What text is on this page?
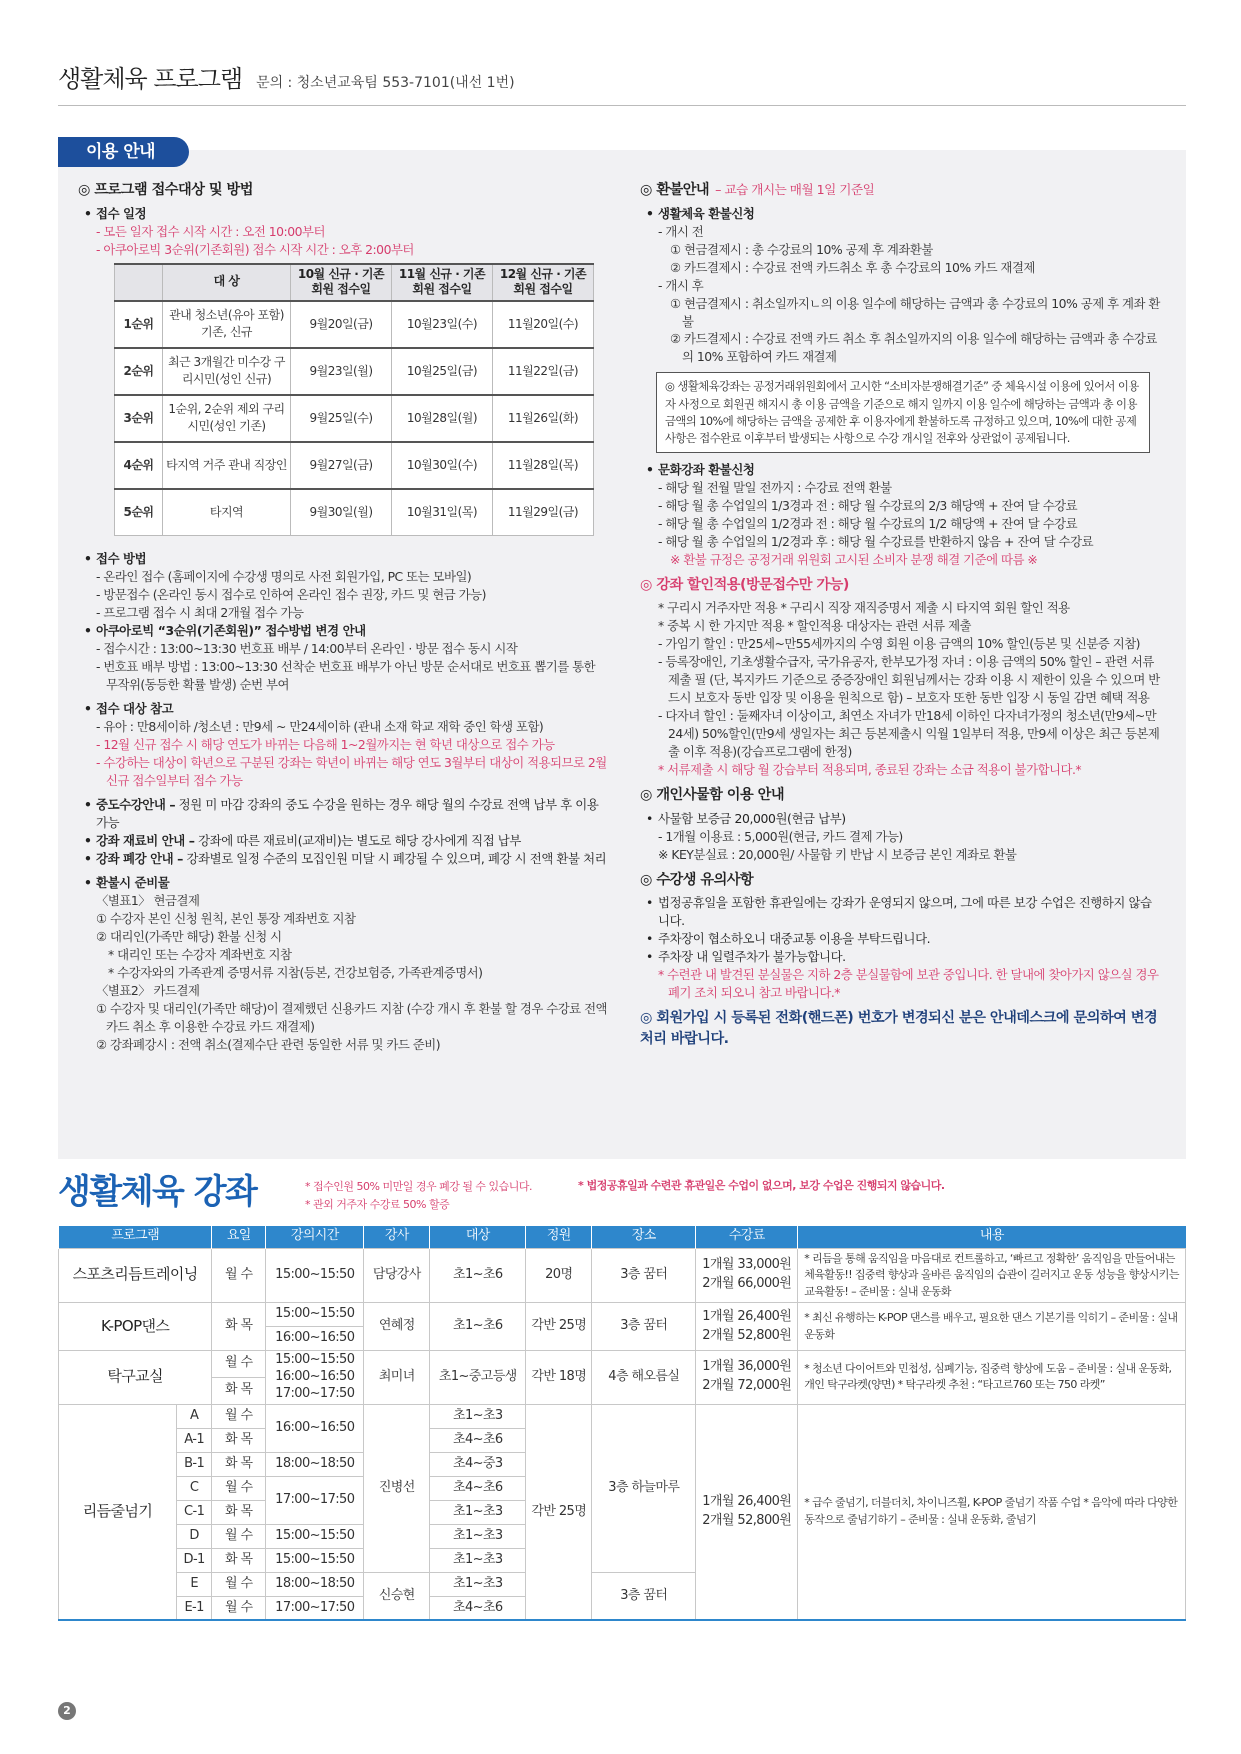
생활체육 프로그램 문의 : 청소년교육팀 553-7101(내선 1번)
이용 안내
◎ 프로그램 접수대상 및 방법
• 접수 일정
- 모든 일자 접수 시작 시간 : 오전 10:00부터
- 아쿠아로빅 3순위(기존회원) 접수 시작 시간 : 오후 2:00부터
	대 상	10월 신규 · 기존 회원 접수일	11월 신규 · 기존 회원 접수일	12월 신규 · 기존 회원 접수일
1순위	관내 청소년(유아 포함) 기존, 신규	9월20일(금)	10월23일(수)	11월20일(수)
2순위	최근 3개월간 미수강 구리시민(성인 신규)	9월23일(월)	10월25일(금)	11월22일(금)
3순위	1순위, 2순위 제외 구리시민(성인 기존)	9월25일(수)	10월28일(월)	11월26일(화)
4순위	타지역 거주 관내 직장인	9월27일(금)	10월30일(수)	11월28일(목)
5순위	타지역	9월30일(월)	10월31일(목)	11월29일(금)
• 접수 방법
- 온라인 접수 (홈페이지에 수강생 명의로 사전 회원가입, PC 또는 모바일)
- 방문접수 (온라인 동시 접수로 인하여 온라인 접수 권장, 카드 및 현금 가능)
- 프로그램 접수 시 최대 2개월 접수 가능
• 아쿠아로빅 “3순위(기존회원)” 접수방법 변경 안내
- 접수시간 : 13:00~13:30 번호표 배부 / 14:00부터 온라인 · 방문 접수 동시 시작
- 번호표 배부 방법 : 13:00~13:30 선착순 번호표 배부가 아닌 방문 순서대로 번호표 뽑기를 통한 무작위(동등한 확률 발생) 순번 부여
• 접수 대상 참고
- 유아 : 만8세이하 /청소년 : 만9세 ~ 만24세이하 (관내 소재 학교 재학 중인 학생 포함)
- 12월 신규 접수 시 해당 연도가 바뀌는 다음해 1~2월까지는 현 학년 대상으로 접수 가능
- 수강하는 대상이 학년으로 구분된 강좌는 학년이 바뀌는 해당 연도 3월부터 대상이 적용되므로 2월 신규 접수일부터 접수 가능
• 중도수강안내 – 정원 미 마감 강좌의 중도 수강을 원하는 경우 해당 월의 수강료 전액 납부 후 이용 가능
• 강좌 재료비 안내 – 강좌에 따른 재료비(교재비)는 별도로 해당 강사에게 직접 납부
• 강좌 폐강 안내 – 강좌별로 일정 수준의 모집인원 미달 시 폐강될 수 있으며, 폐강 시 전액 환불 처리
• 환불시 준비물
〈별표1〉 현금결제
① 수강자 본인 신청 원칙, 본인 통장 계좌번호 지참
② 대리인(가족만 해당) 환불 신청 시
* 대리인 또는 수강자 계좌번호 지참
* 수강자와의 가족관계 증명서류 지참(등본, 건강보험증, 가족관계증명서)
〈별표2〉 카드결제
① 수강자 및 대리인(가족만 해당)이 결제했던 신용카드 지참 (수강 개시 후 환불 할 경우 수강료 전액 카드 취소 후 이용한 수강료 카드 재결제)
② 강좌폐강시 : 전액 취소(결제수단 관련 동일한 서류 및 카드 준비)
◎ 환불안내 – 교습 개시는 매월 1일 기준일
• 생활체육 환불신청
- 개시 전
① 현금결제시 : 총 수강료의 10% 공제 후 계좌환불
② 카드결제시 : 수강료 전액 카드취소 후 총 수강료의 10% 카드 재결제
- 개시 후
① 현금결제시 : 취소일까지ㄴ의 이용 일수에 해당하는 금액과 총 수강료의 10% 공제 후 계좌 환불
② 카드결제시 : 수강료 전액 카드 취소 후 취소일까지의 이용 일수에 해당하는 금액과 총 수강료의 10% 포함하여 카드 재결제
◎ 생활체육강좌는 공정거래위원회에서 고시한 “소비자분쟁해결기준” 중 체육시설 이용에 있어서 이용자 사정으로 회원권 해지시 총 이용 금액을 기준으로 해지 일까지 이용 일수에 해당하는 금액과 총 이용금액의 10%에 해당하는 금액을 공제한 후 이용자에게 환불하도록 규정하고 있으며, 10%에 대한 공제 사항은 접수완료 이후부터 발생되는 사항으로 수강 개시일 전후와 상관없이 공제됩니다.
• 문화강좌 환불신청
- 해당 월 전월 말일 전까지 : 수강료 전액 환불
- 해당 월 총 수업일의 1/3경과 전 : 해당 월 수강료의 2/3 해당액 + 잔여 달 수강료
- 해당 월 총 수업일의 1/2경과 전 : 해당 월 수강료의 1/2 해당액 + 잔여 달 수강료
- 해당 월 총 수업일의 1/2경과 후 : 해당 월 수강료를 반환하지 않음 + 잔여 달 수강료
※ 환불 규정은 공정거래 위원회 고시된 소비자 분쟁 해결 기준에 따름 ※
◎ 강좌 할인적용(방문접수만 가능)
* 구리시 거주자만 적용 * 구리시 직장 재직증명서 제출 시 타지역 회원 할인 적용
* 중복 시 한 가지만 적용 * 할인적용 대상자는 관련 서류 제출
- 가임기 할인 : 만25세~만55세까지의 수영 회원 이용 금액의 10% 할인(등본 및 신분증 지참)
- 등록장애인, 기초생활수급자, 국가유공자, 한부모가정 자녀 : 이용 금액의 50% 할인 – 관련 서류제출 필 (단, 복지카드 기준으로 중증장애인 회원님께서는 강좌 이용 시 제한이 있을 수 있으며 반드시 보호자 동반 입장 및 이용을 원칙으로 함) – 보호자 또한 동반 입장 시 동일 감면 혜택 적용
- 다자녀 할인 : 둘째자녀 이상이고, 최연소 자녀가 만18세 이하인 다자녀가정의 청소년(만9세~만24세) 50%할인(만9세 생일자는 최근 등본제출시 익월 1일부터 적용, 만9세 이상은 최근 등본제출 이후 적용)(강습프로그램에 한정)
* 서류제출 시 해당 월 강습부터 적용되며, 종료된 강좌는 소급 적용이 불가합니다.*
◎ 개인사물함 이용 안내
• 사물함 보증금 20,000원(현금 납부)
- 1개월 이용료 : 5,000원(현금, 카드 결제 가능)
※ KEY분실료 : 20,000원/ 사물함 키 반납 시 보증금 본인 계좌로 환불
◎ 수강생 유의사항
• 법정공휴일을 포함한 휴관일에는 강좌가 운영되지 않으며, 그에 따른 보강 수업은 진행하지 않습니다.
• 주차장이 협소하오니 대중교통 이용을 부탁드립니다.
• 주차장 내 일렬주차가 불가능합니다.
* 수련관 내 발견된 분실물은 지하 2층 분실물함에 보관 중입니다. 한 달내에 찾아가지 않으실 경우 폐기 조치 되오니 참고 바랍니다.*
◎ 회원가입 시 등록된 전화(핸드폰) 번호가 변경되신 분은 안내데스크에 문의하여 변경 처리 바랍니다.
생활체육 강좌	* 접수인원 50% 미만일 경우 폐강 될 수 있습니다.
* 관외 거주자 수강료 50% 할증
* 법정공휴일과 수련관 휴관일은 수업이 없으며, 보강 수업은 진행되지 않습니다.
프로그램		요일	강의시간	강사	대상	정원	장소	수강료	내용
스포츠리듬트레이닝		월 수	15:00~15:50	담당강사	초1~초6	20명	3층 꿈터	1개월 33,000원 2개월 66,000원	* 리듬을 통해 움직임을 마음대로 컨트롤하고, ‘빠르고 정확한’ 움직임을 만들어내는 체육활동!! 집중력 향상과 올바른 움직임의 습관이 길러지고 운동 성능을 향상시키는 교육활동! – 준비물 : 실내 운동화
K-POP댄스		화 목	15:00~15:50	연혜정	초1~초6	각반 25명	3층 꿈터	1개월 26,400원 2개월 52,800원	* 최신 유행하는 K-POP 댄스를 배우고, 필요한 댄스 기본기를 익히기 – 준비물 : 실내 운동화
			16:00~16:50						
탁구교실		월 수	15:00~15:50 16:00~16:50 17:00~17:50	최미녀	초1~중고등생	각반 18명	4층 해오름실	1개월 36,000원 2개월 72,000원	* 청소년 다이어트와 민첩성, 심폐기능, 집중력 향상에 도움 – 준비물 : 실내 운동화, 개인 탁구라켓(양면) * 탁구라켓 추천 : “타고르760 또는 750 라켓”
		화 목							
리듬줄넘기	A	월 수	16:00~16:50	진병선	초1~초3	각반 25명	3층 하늘마루	1개월 26,400원 2개월 52,800원	* 급수 줄넘기, 더블더치, 차이니즈휠, K-POP 줄넘기 작품 수업 * 음악에 따라 다양한 동작으로 줄넘기하기 – 준비물 : 실내 운동화, 줄넘기
	A-1	화 목			초4~초6				
	B-1	화 목	18:00~18:50		초4~중3				
	C	월 수	17:00~17:50		초4~초6				
	C-1	화 목			초1~초3				
	D	월 수	15:00~15:50		초1~초3				
	D-1	화 목	15:00~15:50		초1~초3				
	E	월 수	18:00~18:50	신승현	초1~초3		3층 꿈터		
	E-1	월 수	17:00~17:50		초4~초6				
2
